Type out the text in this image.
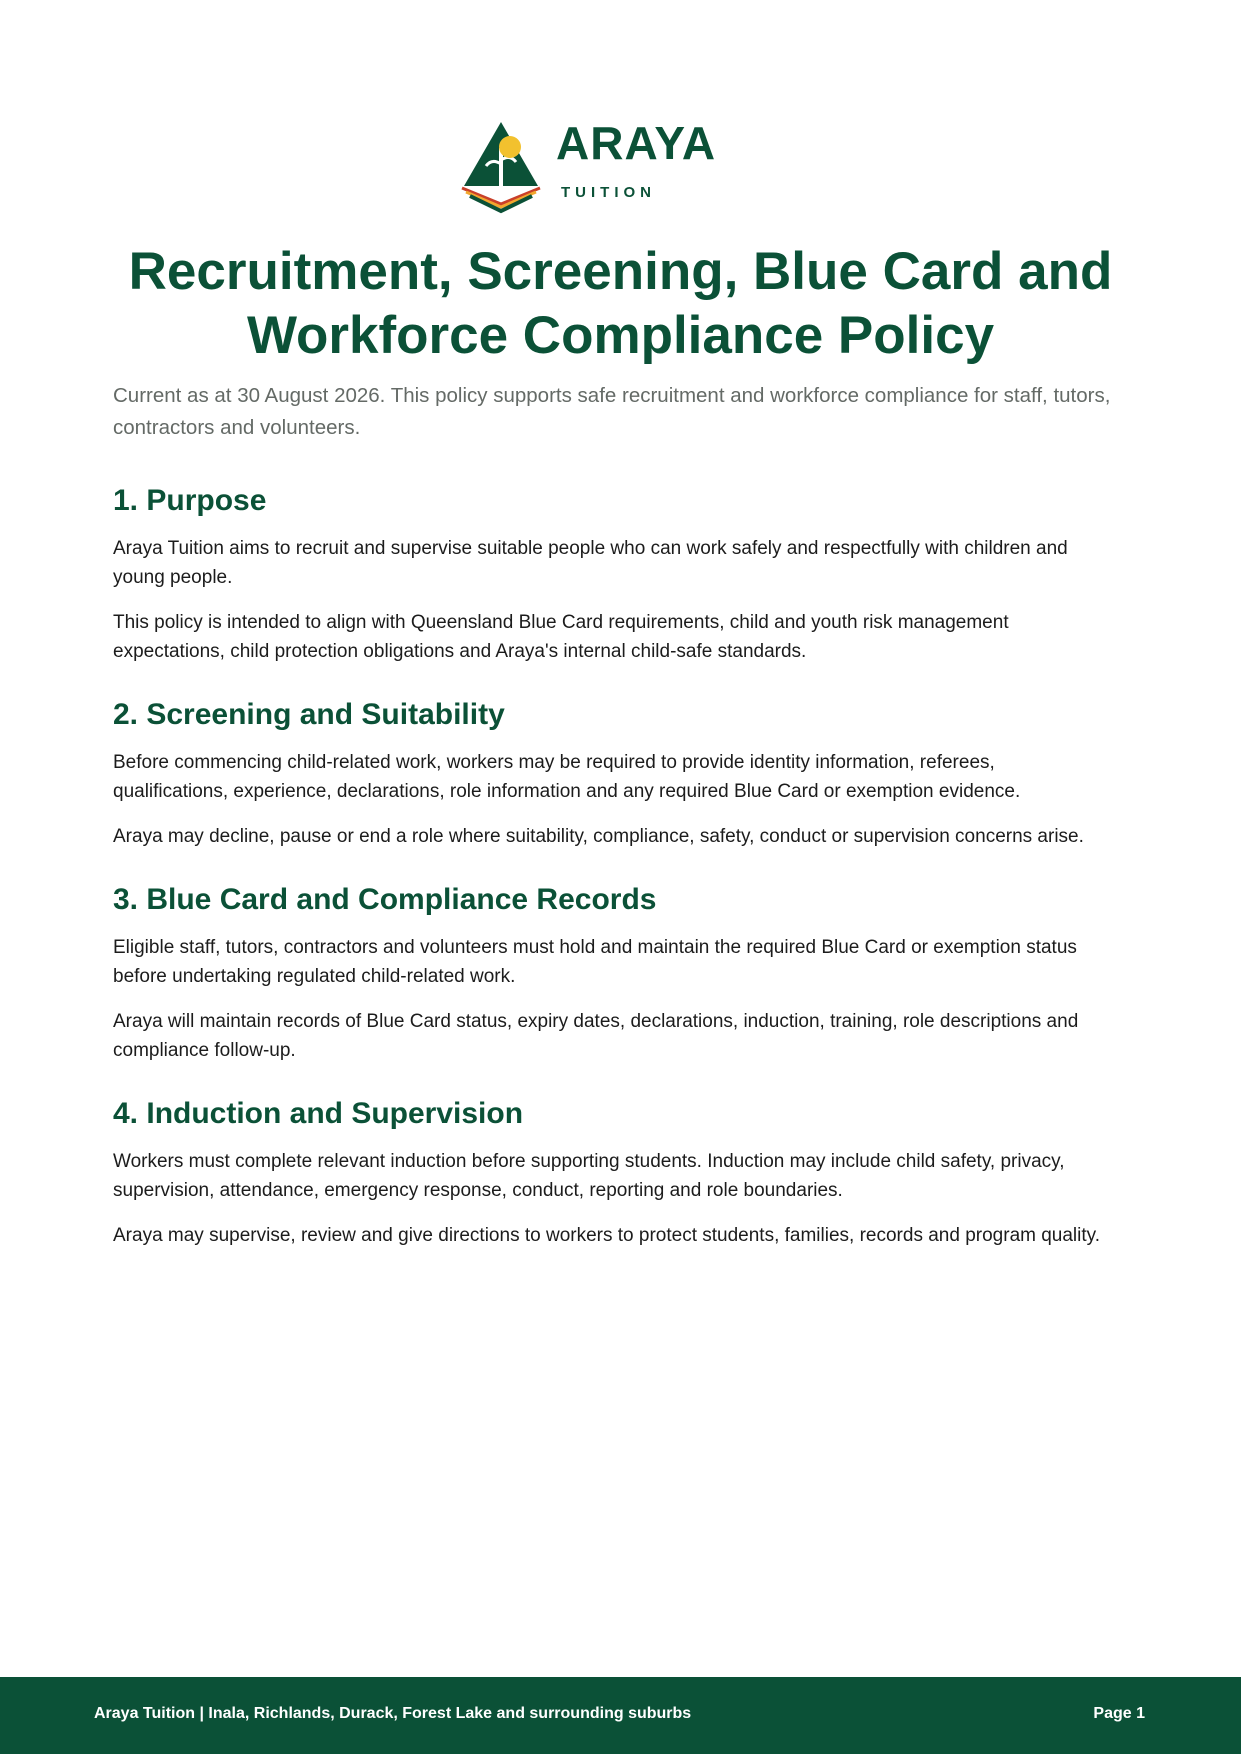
ARAYA
TUITION
Recruitment, Screening, Blue Card and Workforce Compliance Policy

Current as at 30 August 2026. This policy supports safe recruitment and workforce compliance for staff, tutors, contractors and volunteers.

1. Purpose

Araya Tuition aims to recruit and supervise suitable people who can work safely and respectfully with children and young people.

This policy is intended to align with Queensland Blue Card requirements, child and youth risk management expectations, child protection obligations and Araya's internal child-safe standards.

2. Screening and Suitability

Before commencing child-related work, workers may be required to provide identity information, referees, qualifications, experience, declarations, role information and any required Blue Card or exemption evidence.

Araya may decline, pause or end a role where suitability, compliance, safety, conduct or supervision concerns arise.

3. Blue Card and Compliance Records

Eligible staff, tutors, contractors and volunteers must hold and maintain the required Blue Card or exemption status before undertaking regulated child-related work.

Araya will maintain records of Blue Card status, expiry dates, declarations, induction, training, role descriptions and compliance follow-up.

4. Induction and Supervision

Workers must complete relevant induction before supporting students. Induction may include child safety, privacy, supervision, attendance, emergency response, conduct, reporting and role boundaries.

Araya may supervise, review and give directions to workers to protect students, families, records and program quality.

Araya Tuition | Inala, Richlands, Durack, Forest Lake and surrounding suburbs	Page 1
